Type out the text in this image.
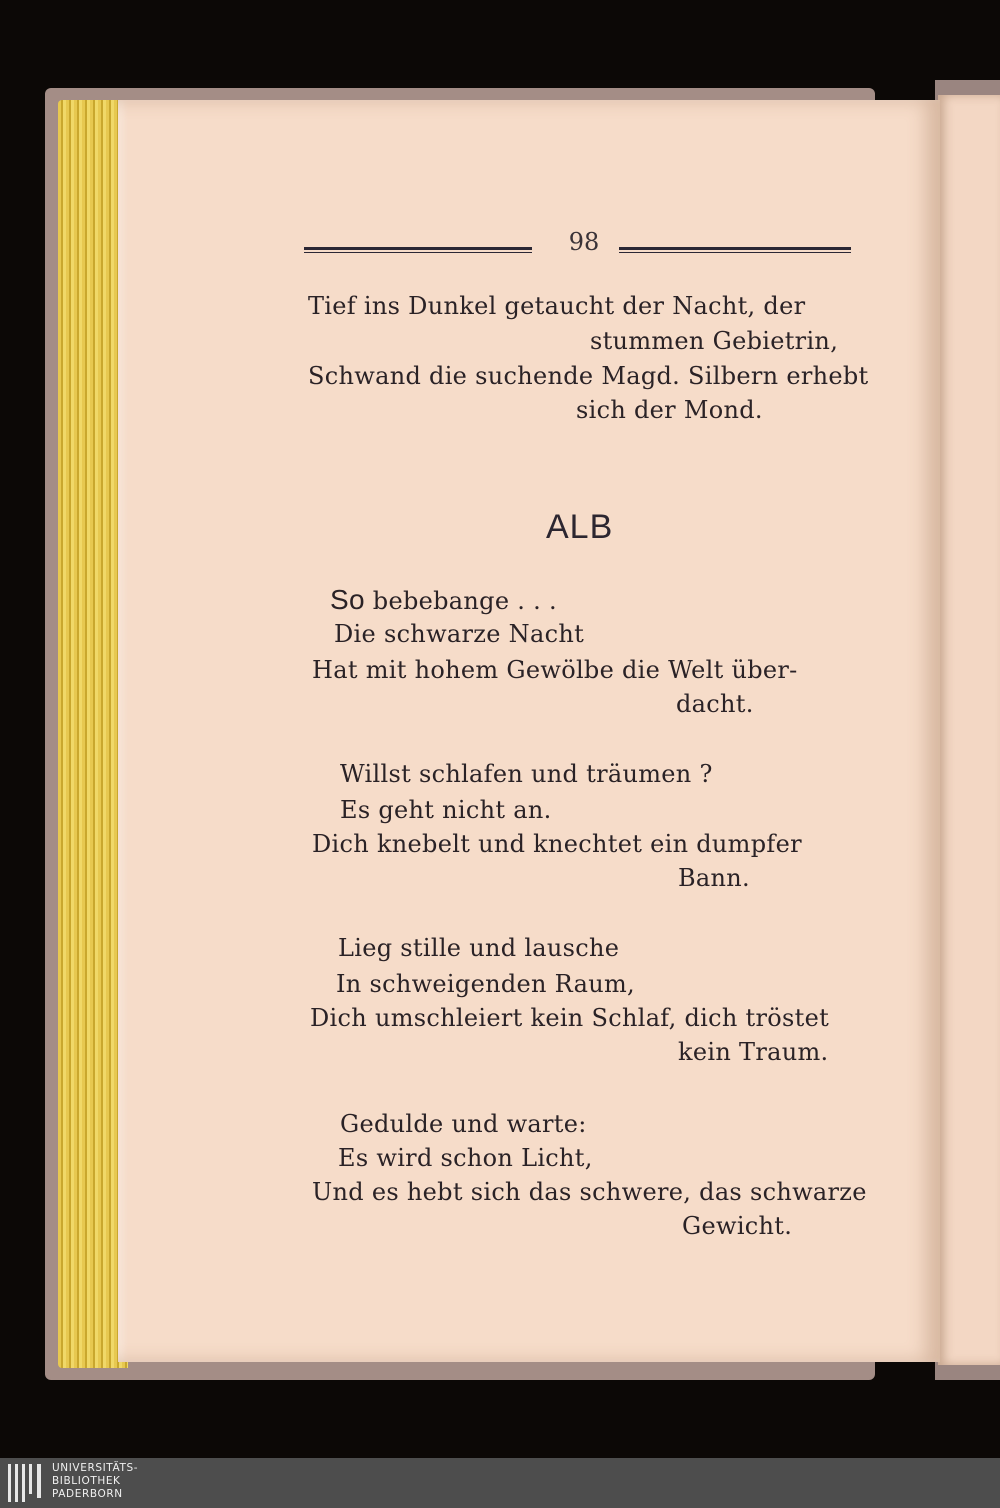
98
Tief ins Dunkel getaucht der Nacht, der
stummen Gebietrin,
Schwand die suchende Magd. Silbern erhebt
sich der Mond.
ALB
So bebebange . . .
Die schwarze Nacht
Hat mit hohem Gewölbe die Welt über-
dacht.
Willst schlafen und träumen ?
Es geht nicht an.
Dich knebelt und knechtet ein dumpfer
Bann.
Lieg stille und lausche
In schweigenden Raum,
Dich umschleiert kein Schlaf, dich tröstet
kein Traum.
Gedulde und warte:
Es wird schon Licht,
Und es hebt sich das schwere, das schwarze
Gewicht.
UNIVERSITÄTS-
BIBLIOTHEK
PADERBORN
